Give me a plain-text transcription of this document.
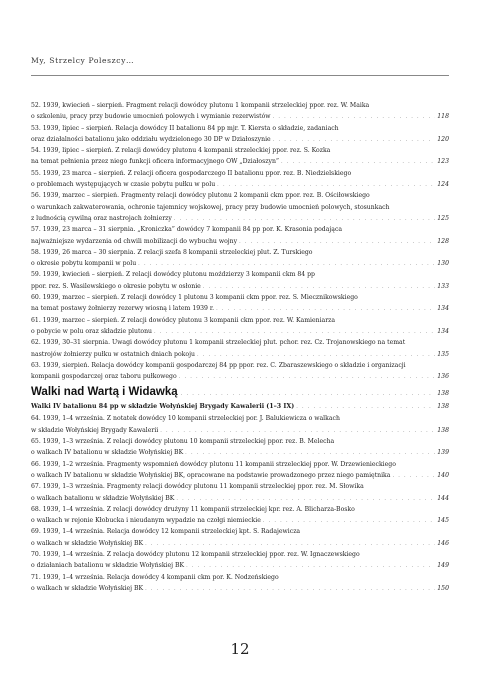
My, Strzelcy Poleszcy…
52. 1939, kwiecień – sierpień. Fragment relacji dowódcy plutonu 1 kompanii strzeleckiej ppor. rez. W. Maika
o szkoleniu, pracy przy budowie umocnień polowych i wymianie rezerwistów . . .	118
53. 1939, lipiec – sierpień. Relacja dowódcy II batalionu 84 pp mjr. T. Kiersta o składzie, zadaniach
oraz działalności batalionu jako oddziału wydzielonego 30 DP w Działoszynie . . .	120
54. 1939, lipiec – sierpień. Z relacji dowódcy plutonu 4 kompanii strzeleckiej ppor. rez. S. Kozka
na temat pełnienia przez niego funkcji oficera informacyjnego OW „Działoszyn” . . .	123
55. 1939, 23 marca – sierpień. Z relacji oficera gospodarczego II batalionu ppor. rez. B. Niedzielskiego
o problemach występujących w czasie pobytu pułku w polu . . .	124
56. 1939, marzec – sierpień. Fragmenty relacji dowódcy plutonu 2 kompanii ckm ppor. rez. B. Ościłowskiego
o warunkach zakwaterowania, ochronie tajemnicy wojskowej, pracy przy budowie umocnień polowych, stosunkach
z ludnością cywilną oraz nastrojach żołnierzy . . .	125
57. 1939, 23 marca – 31 sierpnia. „Kroniczka” dowódcy 7 kompanii 84 pp por. K. Krasonia podająca
najważniejsze wydarzenia od chwili mobilizacji do wybuchu wojny . . .	128
58. 1939, 26 marca – 30 sierpnia. Z relacji szefa 8 kompanii strzeleckiej plut. Z. Turskiego
o okresie pobytu kompanii w polu . . .	130
59. 1939, kwiecień – sierpień. Z relacji dowódcy plutonu moździerzy 3 kompanii ckm 84 pp
ppor. rez. S. Wasilewskiego o okresie pobytu w osłonie . . .	133
60. 1939, marzec – sierpień. Z relacji dowódcy 1 plutonu 3 kompanii ckm ppor. rez. S. Miecznikowskiego
na temat postawy żołnierzy rezerwy wiosną i latem 1939 r. . . .	134
61. 1939, marzec – sierpień. Z relacji dowódcy plutonu 3 kompanii ckm ppor. rez. W. Kamieniarza
o pobycie w polu oraz składzie plutonu . . .	134
62. 1939, 30–31 sierpnia. Uwagi dowódcy plutonu 1 kompanii strzeleckiej plut. pchor. rez. Cz. Trojanowskiego na temat
nastrojów żołnierzy pułku w ostatnich dniach pokoju . . .	135
63. 1939, sierpień. Relacja dowódcy kompanii gospodarczej 84 pp ppor. rez. C. Zbaraszewskiego o składzie i organizacji
kompanii gospodarczej oraz taboru pułkowego . . .	136
Walki nad Wartą i Widawką . . .	138
Walki IV batalionu 84 pp w składzie Wołyńskiej Brygady Kawalerii (1–3 IX) . . .	138
64. 1939, 1–4 września. Z notatek dowódcy 10 kompanii strzeleckiej por. J. Balukiewicza o walkach
w składzie Wołyńskiej Brygady Kawalerii . . .	138
65. 1939, 1–3 września. Z relacji dowódcy plutonu 10 kompanii strzeleckiej ppor. rez. B. Melecha
o walkach IV batalionu w składzie Wołyńskiej BK . . .	139
66. 1939, 1–2 września. Fragmenty wspomnień dowódcy plutonu 11 kompanii strzeleckiej ppor. W. Drzewienieckiego
o walkach IV batalionu w składzie Wołyńskiej BK, opracowane na podstawie prowadzonego przez niego pamiętnika . . .	140
67. 1939, 1–3 września. Fragmenty relacji dowódcy plutonu 11 kompanii strzeleckiej ppor. rez. M. Słowika
o walkach batalionu w składzie Wołyńskiej BK . . .	144
68. 1939, 1–4 września. Z relacji dowódcy drużyny 11 kompanii strzeleckiej kpr. rez. A. Blicharza-Bosko
o walkach w rejonie Kłobucka i nieudanym wypadzie na czołgi niemieckie . . .	145
69. 1939, 1–4 września. Relacja dowódcy 12 kompanii strzeleckiej kpt. S. Radajewicza
o walkach w składzie Wołyńskiej BK . . .	146
70. 1939, 1–4 września. Z relacja dowódcy plutonu 12 kompanii strzeleckiej ppor. rez. W. Ignaczewskiego
o działaniach batalionu w składzie Wołyńskiej BK . . .	149
71. 1939, 1–4 września. Relacja dowódcy 4 kompanii ckm por. K. Nodzeńskiego
o walkach w składzie Wołyńskiej BK . . .	150
12
